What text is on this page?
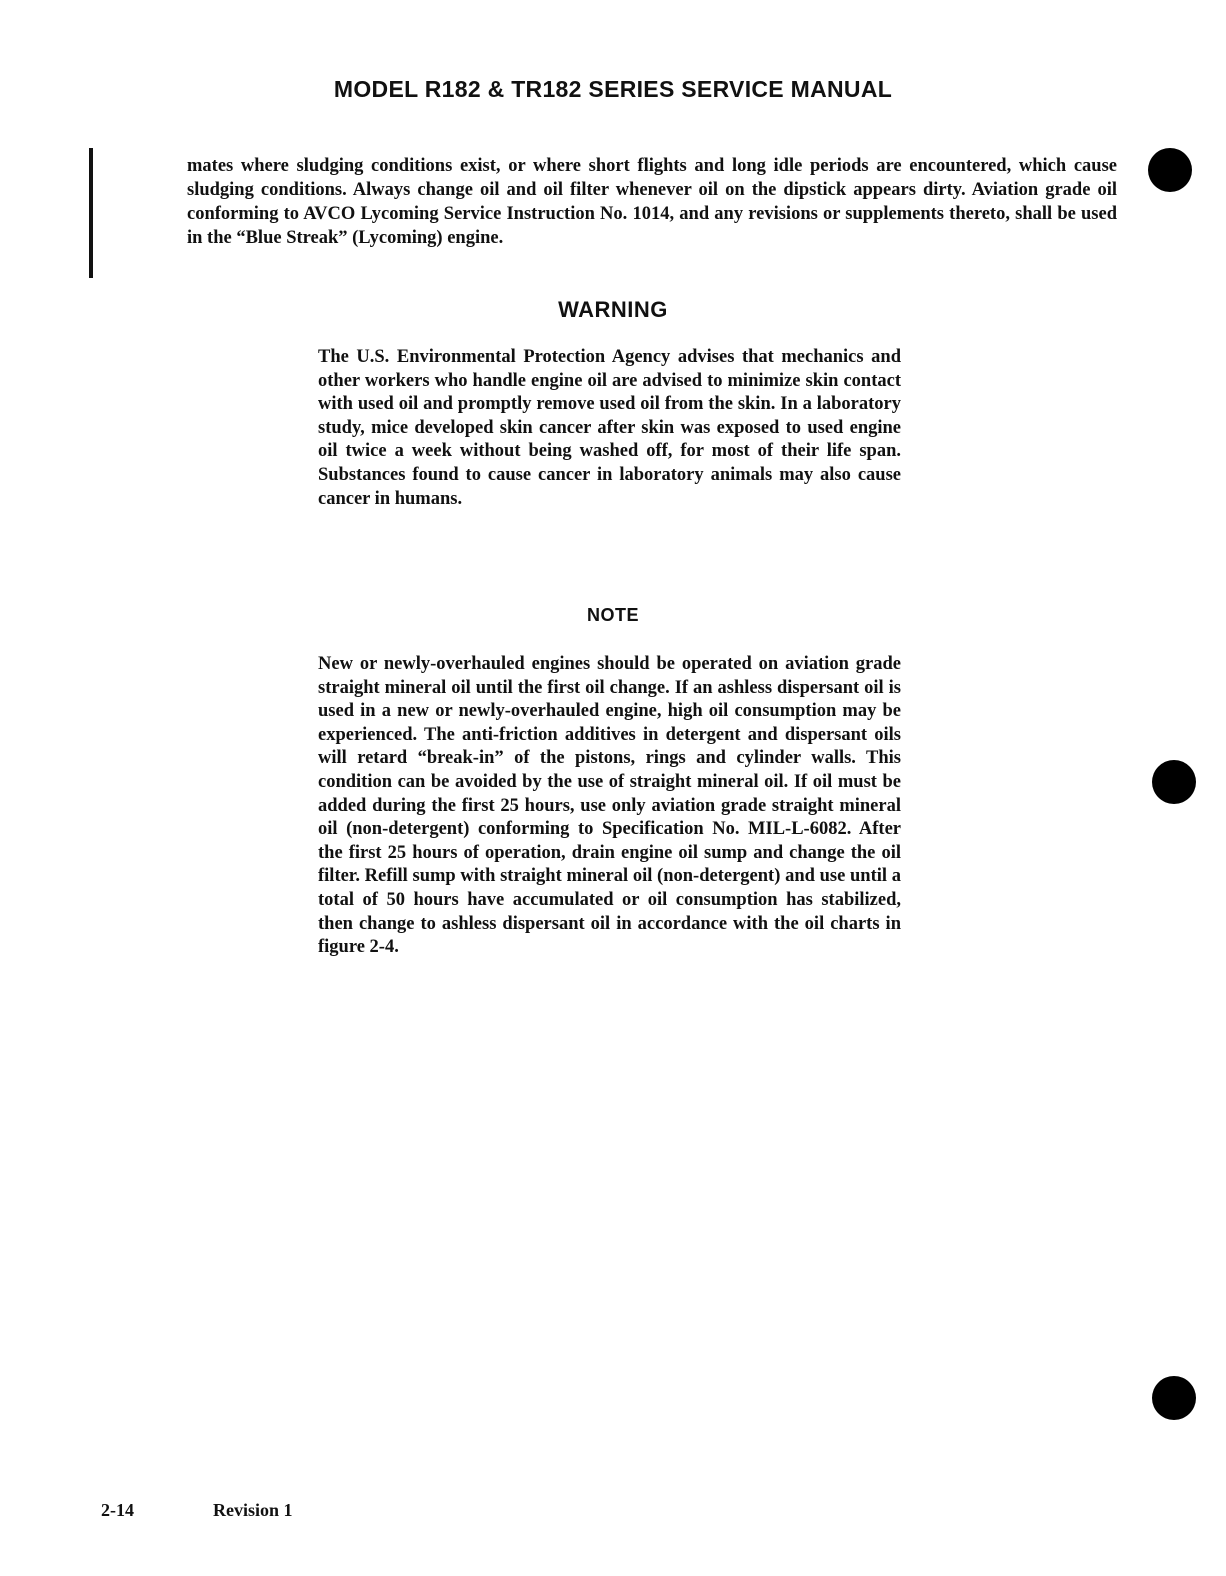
MODEL R182 & TR182 SERIES SERVICE MANUAL

mates where sludging conditions exist, or where short flights and long idle periods are encountered, which cause sludging conditions. Always change oil and oil filter whenever oil on the dipstick appears dirty. Aviation grade oil conforming to AVCO Lycoming Service Instruction No. 1014, and any revisions or supplements thereto, shall be used in the “Blue Streak” (Lycoming) engine.

WARNING

The U.S. Environmental Protection Agency advises that mechanics and other workers who handle engine oil are advised to minimize skin contact with used oil and promptly remove used oil from the skin. In a laboratory study, mice developed skin cancer after skin was exposed to used engine oil twice a week without being washed off, for most of their life span. Substances found to cause cancer in laboratory animals may also cause cancer in humans.

NOTE

New or newly-overhauled engines should be operated on aviation grade straight mineral oil until the first oil change. If an ashless dispersant oil is used in a new or newly-overhauled engine, high oil consumption may be experienced. The anti-friction additives in detergent and dispersant oils will retard “break-in” of the pistons, rings and cylinder walls. This condition can be avoided by the use of straight mineral oil. If oil must be added during the first 25 hours, use only aviation grade straight mineral oil (non-detergent) conforming to Specification No. MIL-L-6082. After the first 25 hours of operation, drain engine oil sump and change the oil filter. Refill sump with straight mineral oil (non-detergent) and use until a total of 50 hours have accumulated or oil consumption has stabilized, then change to ashless dispersant oil in accordance with the oil charts in figure 2-4.

2-14	Revision 1
